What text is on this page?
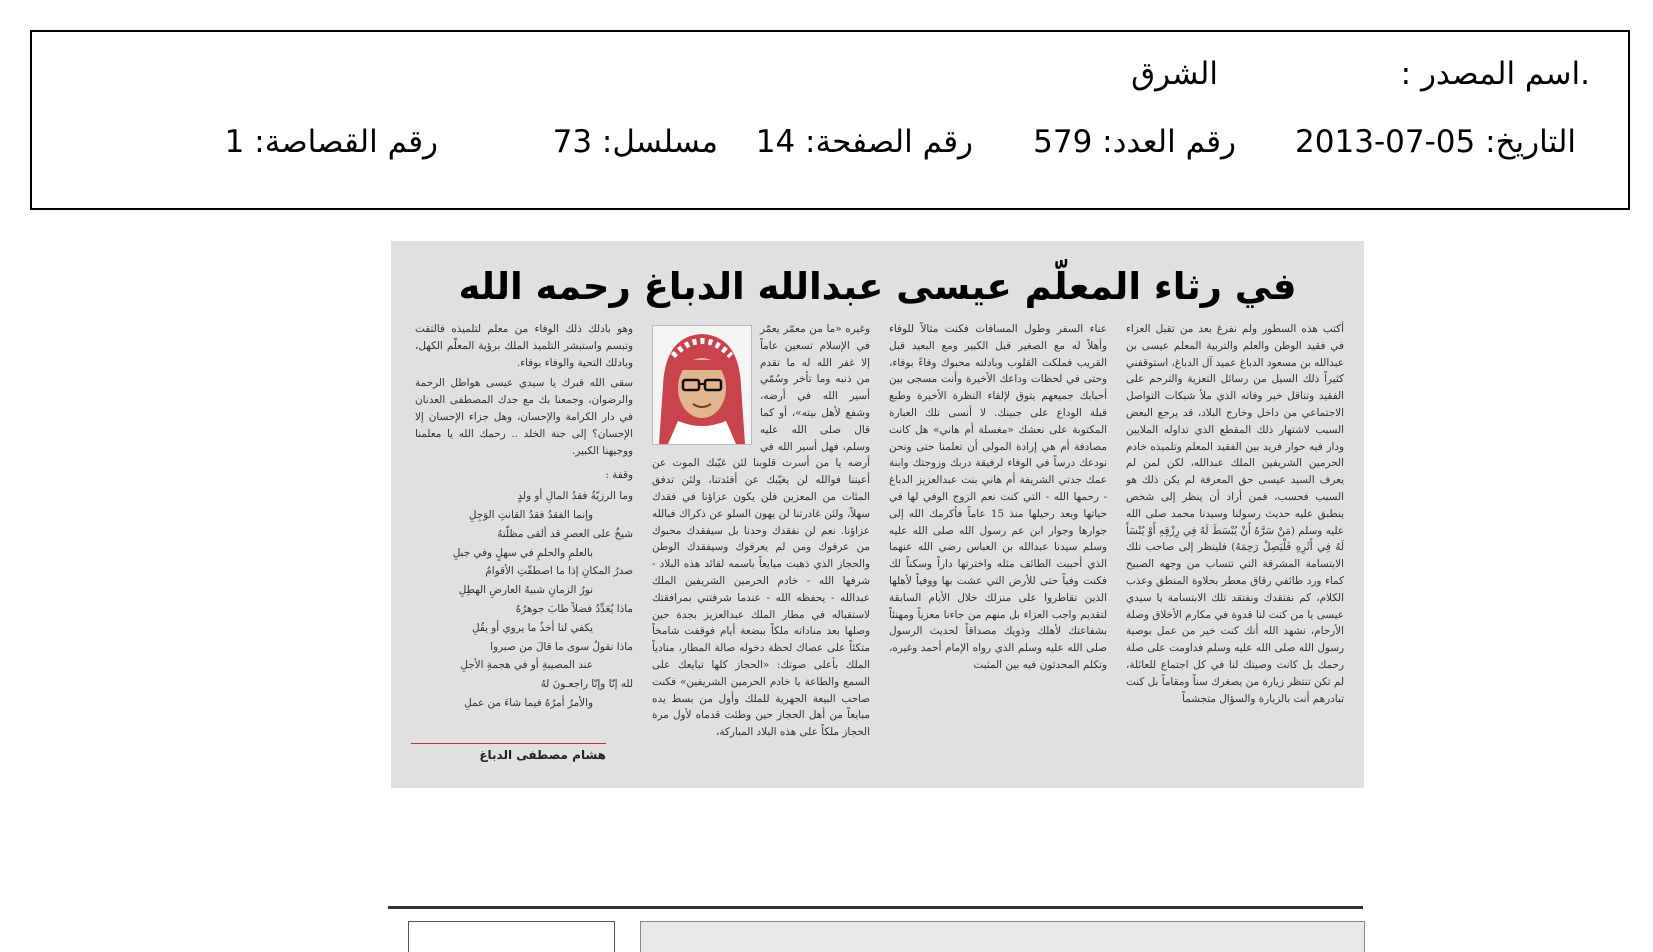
.اسم المصدر :
الشرق
التاريخ: 05-07-2013
رقم العدد: 579
رقم الصفحة: 14
مسلسل: 73
رقم القصاصة: 1
في رثاء المعلّم عيسى عبدالله الدباغ رحمه الله

أكتب هذه السطور ولم نفرغ بعد من تقبل العزاء في فقيد الوطن والعلم والتربية المعلم عيسى بن عبدالله بن مسعود الدباغ عميد آل الدباغ، استوقفني كثيراً ذلك السيل من رسائل التعزية والترحم على الفقيد وتناقل خبر وفاته الذي ملأ شبكات التواصل الاجتماعي من داخل وخارج البلاد، قد يرجع البعض السبب لاشتهار ذلك المقطع الذي تداوله الملايين ودار فيه حوار فريد بين الفقيد المعلم وتلميذه خادم الحرمين الشريفين الملك عبدالله، لكن لمن لم يعرف السيد عيسى حق المعرفة لم يكن ذلك هو السبب فحسب، فمن أراد أن ينظر إلى شخص ينطبق عليه حديث رسولنا وسيدنا محمد صلى الله عليه وسلم (مَنْ سَرَّهُ أَنْ يُبْسَطَ لَهُ فِي رِزْقِهِ أَوْ يُنْسَأَ لَهُ فِي أَثَرِهِ فَلْيَصِلْ رَحِمَهُ) فلينظر إلى صاحب تلك الابتسامة المشرقة التي تتساب من وجهه الصبيح كماء ورد طائفي رقاق معطر بحلاوة المنطق وعذب الكلام، كم نفتقدك ونفتقد تلك الابتسامة يا سيدي عيسى يا من كنت لنا قدوة في مكارم الأخلاق وصلة الأرحام، نشهد الله أنك كنت خير من عمل بوصية رسول الله صلى الله عليه وسلم فداومت على صلة رحمك بل كانت وصيتك لنا في كل اجتماع للعائلة، لم تكن تنتظر زيارة من يصغرك سناً ومقاماً بل كنت تبادرهم أنت بالزيارة والسؤال متجشماً

عناء السفر وطول المسافات فكنت مثالاً للوفاء وأهلاً له مع الصغير قبل الكبير ومع البعيد قبل القريب فملكت القلوب وبادلته محبوك وفاءً بوفاء، وحتى في لحظات وداعك الأخيرة وأنت مسجى بين أحبابك جميعهم يتوق لإلقاء النظرة الأخيرة وطبع قبلة الوداع على جبينك. لا أنسى تلك العبارة المكتوبة على نعشك «مغسلة أم هاني» هل كانت مصادفة أم هي إرادة المولى أن تعلمنا حتى ونحن نودعك درساً في الوفاء لرفيقة دربك وزوجتك وابنة عمك جدتي الشريفة أم هاني بنت عبدالعزيز الدباغ - رحمها الله - التي كنت نعم الزوج الوفي لها في حياتها وبعد رحيلها منذ 15 عاماً فأكرمك الله إلى جوارها وجوار ابن عم رسول الله صلى الله عليه وسلم سيدنا عبدالله بن العباس رضي الله عنهما الذي أحببت الطائف مثله واخترتها داراً وسكناً لك فكنت وفياً حتى للأرض التي عشت بها ووفياً لأهلها الذين تقاطروا على منزلك خلال الأيام السابقة لتقديم واجب العزاء بل منهم من جاءنا معزياً ومهنئاً بشفاعتك لأهلك وذويك مصداقاً لحديث الرسول صلى الله عليه وسلم الذي رواه الإمام أحمد وغيره، وتكلم المحدثون فيه بين المثبت

وغيره «ما من معمّر يعمّر في الإسلام تسعين عاماً إلا غفر الله له ما تقدم من ذنبه وما تأخر وسُمّي أسير الله في أرضه، وشفع لأهل بيته»، أو كما قال صلى الله عليه وسلم، فهل أسير الله في أرضه يا من أسرت قلوبنا لئن غيّبك الموت عن أعيننا فوالله لن يغيّبك عن أفئدتنا، ولئن تدفق المئات من المعزين فلن يكون عزاؤنا في فقدك سهلاً، ولئن غادرتنا لن يهون السلو عن ذكراك فبالله عزاؤنا. نعم لن نفقدك وحدنا بل سيفقدك محبوك من عرفوك ومن لم يعرفوك وسيفقدك الوطن والحجاز الذي ذهبت مبايعاً باسمه لقائد هذه البلاد - شرفها الله - خادم الحرمين الشريفين الملك عبدالله - يحفظه الله - عندما شرفتني بمرافقتك لاستقباله في مطار الملك عبدالعزيز بجدة حين وصلها بعد مناداته ملكاً ببضعة أيام فوقفت شامخاً متكئاً على عصاك لحظة دخوله صالة المطار، منادياً الملك بأعلى صوتك: «الحجاز كلها تبايعك على السمع والطاعة يا خادم الحرمين الشريفين» فكنت صاحب البيعة الجهرية للملك وأول من بسط يده مبايعاً من أهل الحجاز حين وطئت قدماه لأول مرة الحجاز ملكاً على هذه البلاد المباركة،

وهو بادلك ذلك الوفاء من معلم لتلميذه فالتقت وتبسم واستبشر التلميذ الملك برؤية المعلّم الكهل، وبادلك التحية والوفاء بوفاء.

سقى الله قبرك يا سيدي عيسى هواطل الرحمة والرضوان، وجمعنا بك مع جدك المصطفى العدنان في دار الكرامة والإحسان، وهل جزاء الإحسان إلا الإحسان؟ إلى جنة الخلد .. رحمك الله يا معلمنا ووجيهنا الكبير.

وقفة :

وما الرزيّةُ فقدُ المالِ أو ولدٍ
وإنما الفقدُ فقدُ القانتِ الوَجِلِ
شيخٌ على العصرِ قد ألقى مظلّتهُ
بالعلمِ والحلمِ في سهلٍ وفي جبلِ
صدرُ المكانِ إذا ما اصطفّتِ الأقوامُ
نورُ الزمانِ شبيهُ العارضِ الهطِلِ
ماذا يُعَدِّدُ فضلاً طابَ جوهرُهُ
يكفي لنا أخذُ ما يروي أو يقُلِ
ماذا نقولُ سوى ما قالَ من صبروا
عند المصيبةِ أو في هجمةِ الأجلِ
لله إنّا وإنّا راجعـونَ لهُ
والأمرُ أمرُهُ فيما شاءَ من عملِ
هشام مصطفى الدباغ
